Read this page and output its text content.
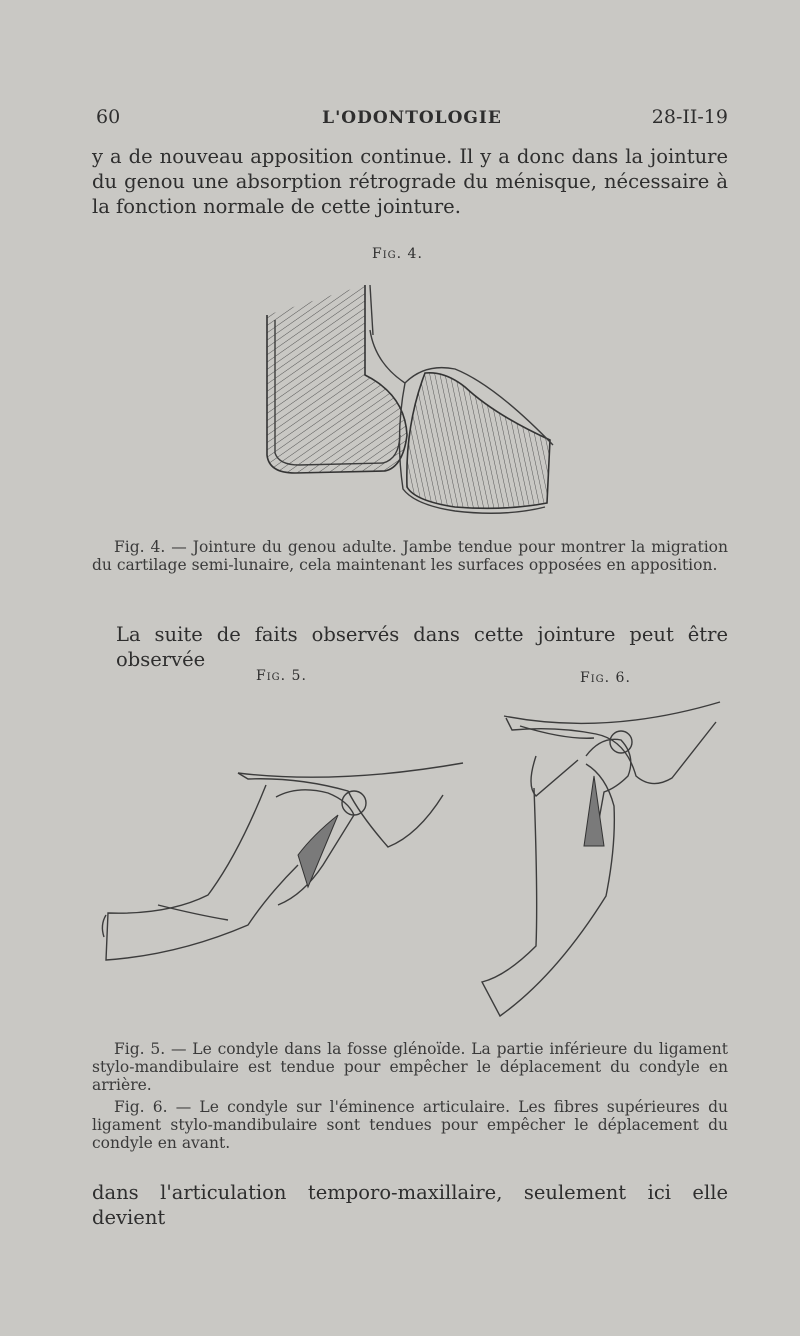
60	L'ODONTOLOGIE	28-II-19

y a de nouveau apposition continue. Il y a donc dans la jointure du genou une absorption rétrograde du ménisque, nécessaire à la fonction normale de cette jointure.

Fig. 4.

Fig. 4. — Jointure du genou adulte. Jambe tendue pour montrer la migration du cartilage semi-lunaire, cela maintenant les surfaces opposées en apposition.

La suite de faits observés dans cette jointure peut être observée

Fig. 5.	Fig. 6.

Fig. 5. — Le condyle dans la fosse glénoïde. La partie inférieure du ligament stylo-mandibulaire est tendue pour empêcher le déplacement du condyle en arrière.

Fig. 6. — Le condyle sur l'éminence articulaire. Les fibres supérieures du ligament stylo-mandibulaire sont tendues pour empêcher le déplacement du condyle en avant.

dans l'articulation temporo-maxillaire, seulement ici elle devient
